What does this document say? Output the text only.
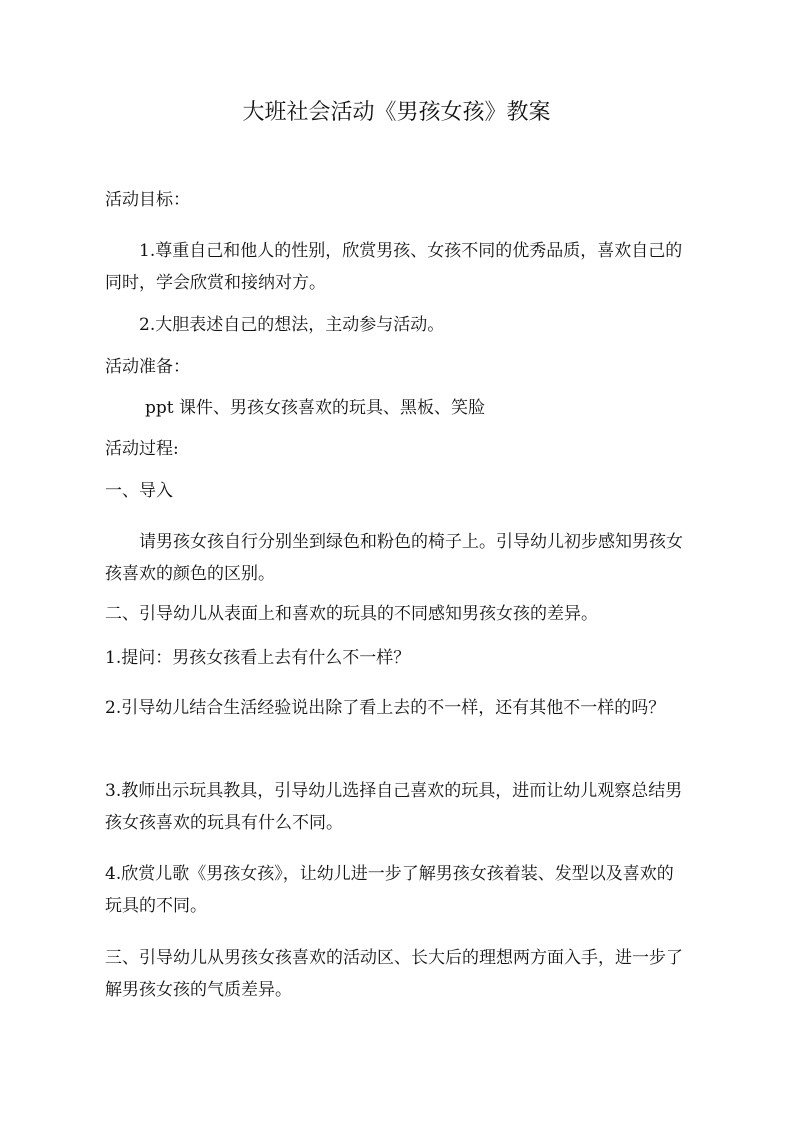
大班社会活动《男孩女孩》教案
活动目标：
1.尊重自己和他人的性别，欣赏男孩、女孩不同的优秀品质，喜欢自己的同时，学会欣赏和接纳对方。
2.大胆表述自己的想法，主动参与活动。
活动准备：
ppt 课件、男孩女孩喜欢的玩具、黑板、笑脸
活动过程:
一、导入
请男孩女孩自行分别坐到绿色和粉色的椅子上。引导幼儿初步感知男孩女孩喜欢的颜色的区别。
二、引导幼儿从表面上和喜欢的玩具的不同感知男孩女孩的差异。
1.提问：男孩女孩看上去有什么不一样？
2.引导幼儿结合生活经验说出除了看上去的不一样，还有其他不一样的吗？
3.教师出示玩具教具，引导幼儿选择自己喜欢的玩具，进而让幼儿观察总结男孩女孩喜欢的玩具有什么不同。
4.欣赏儿歌《男孩女孩》，让幼儿进一步了解男孩女孩着装、发型以及喜欢的玩具的不同。
三、引导幼儿从男孩女孩喜欢的活动区、长大后的理想两方面入手，进一步了解男孩女孩的气质差异。
